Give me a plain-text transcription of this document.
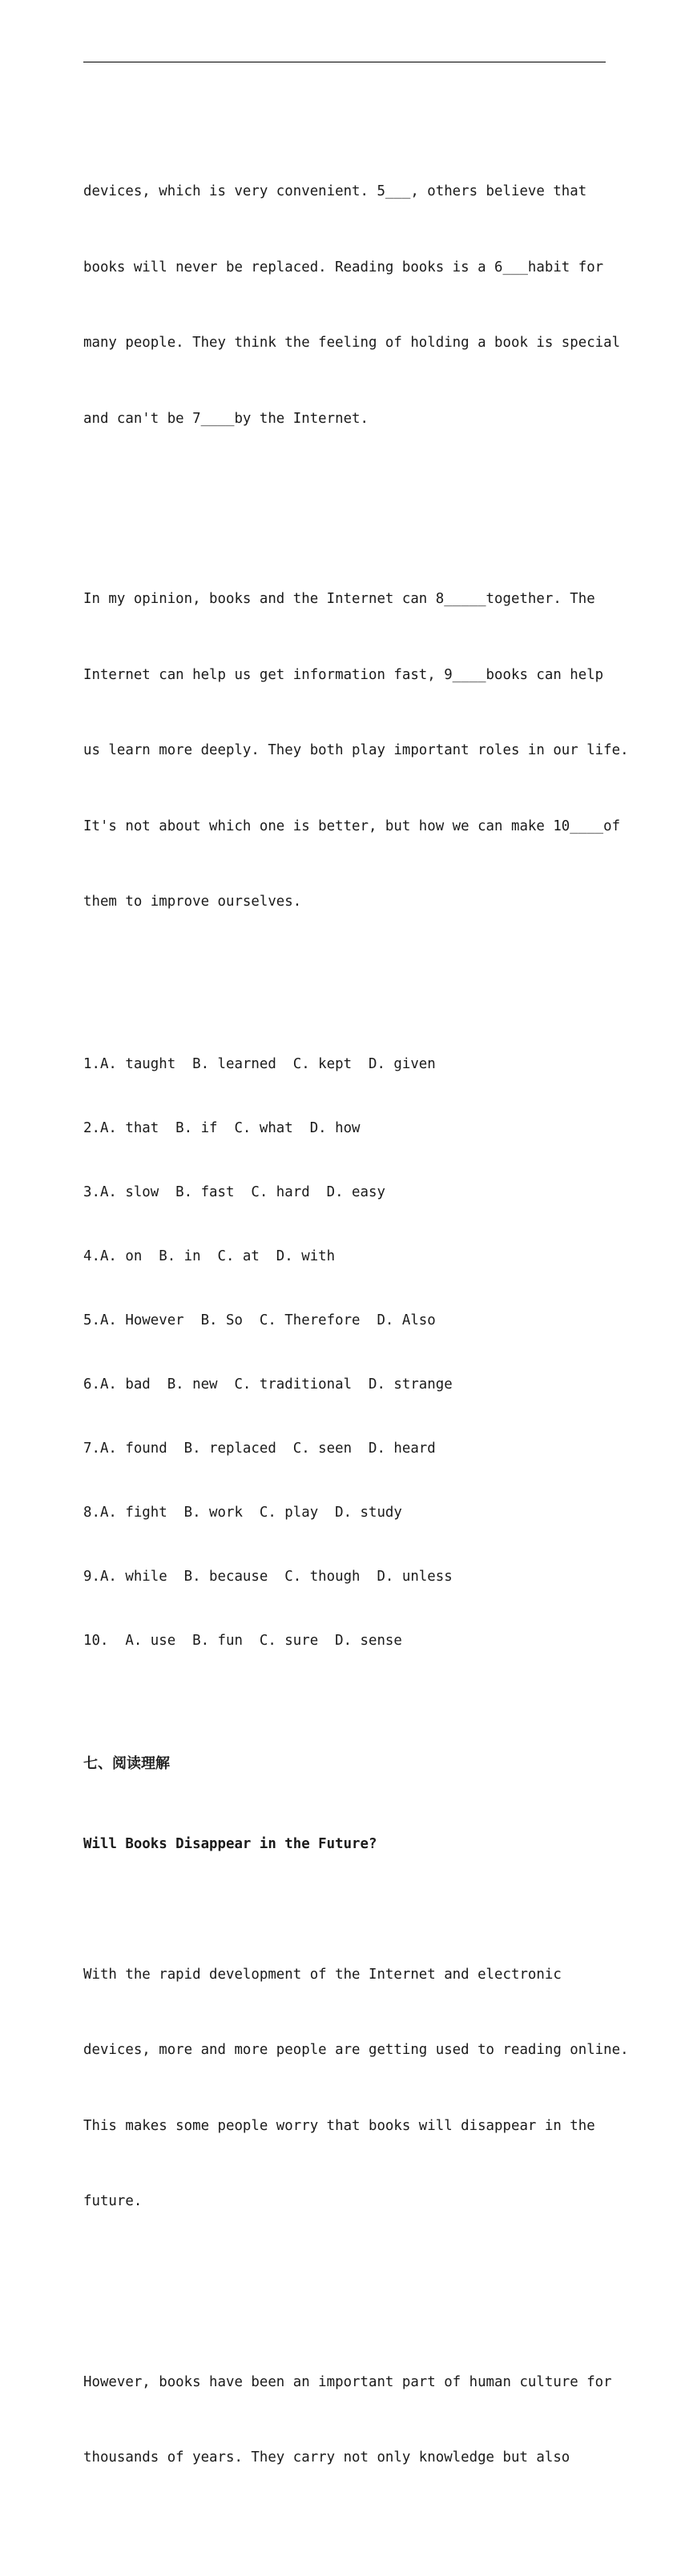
devices, which is very convenient. 5___, others believe that

books will never be replaced. Reading books is a 6___habit for

many people. They think the feeling of holding a book is special

and can't be 7____by the Internet.

In my opinion, books and the Internet can 8_____together. The

Internet can help us get information fast, 9____books can help

us learn more deeply. They both play important roles in our life.

It's not about which one is better, but how we can make 10____of

them to improve ourselves.

1.A. taught  B. learned  C. kept  D. given

2.A. that  B. if  C. what  D. how

3.A. slow  B. fast  C. hard  D. easy

4.A. on  B. in  C. at  D. with

5.A. However  B. So  C. Therefore  D. Also

6.A. bad  B. new  C. traditional  D. strange

7.A. found  B. replaced  C. seen  D. heard

8.A. fight  B. work  C. play  D. study

9.A. while  B. because  C. though  D. unless

10.  A. use  B. fun  C. sure  D. sense

七、阅读理解

Will Books Disappear in the Future?

With the rapid development of the Internet and electronic

devices, more and more people are getting used to reading online.

This makes some people worry that books will disappear in the

future.

However, books have been an important part of human culture for

thousands of years. They carry not only knowledge but also
